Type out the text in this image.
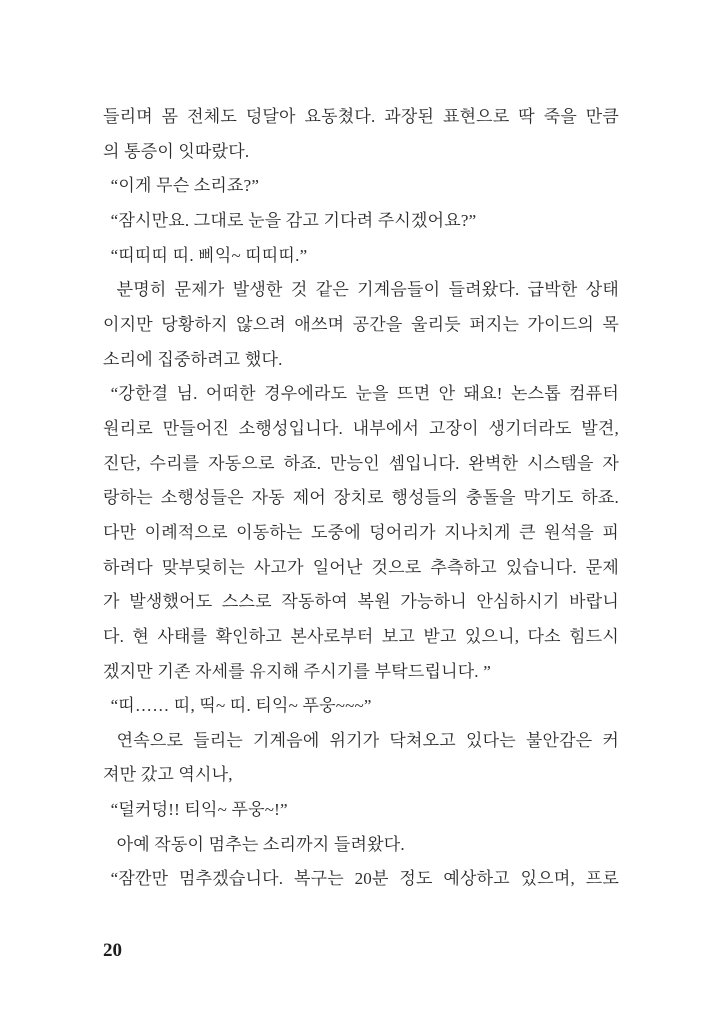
들리며 몸 전체도 덩달아 요동쳤다. 과장된 표현으로 딱 죽을 만큼
의 통증이 잇따랐다.
“이게 무슨 소리죠?”
“잠시만요. 그대로 눈을 감고 기다려 주시겠어요?”
“띠띠띠 띠. 삐익~ 띠띠띠.”
분명히 문제가 발생한 것 같은 기계음들이 들려왔다. 급박한 상태
이지만 당황하지 않으려 애쓰며 공간을 울리듯 퍼지는 가이드의 목
소리에 집중하려고 했다.
“강한결 님. 어떠한 경우에라도 눈을 뜨면 안 돼요! 논스톱 컴퓨터
원리로 만들어진 소행성입니다. 내부에서 고장이 생기더라도 발견,
진단, 수리를 자동으로 하죠. 만능인 셈입니다. 완벽한 시스템을 자
랑하는 소행성들은 자동 제어 장치로 행성들의 충돌을 막기도 하죠.
다만 이례적으로 이동하는 도중에 덩어리가 지나치게 큰 원석을 피
하려다 맞부딪히는 사고가 일어난 것으로 추측하고 있습니다. 문제
가 발생했어도 스스로 작동하여 복원 가능하니 안심하시기 바랍니
다. 현 사태를 확인하고 본사로부터 보고 받고 있으니, 다소 힘드시
겠지만 기존 자세를 유지해 주시기를 부탁드립니다. ”
“띠…… 띠, 띡~ 띠. 티익~ 푸웅~~~”
연속으로 들리는 기계음에 위기가 닥쳐오고 있다는 불안감은 커
져만 갔고 역시나,
“덜커덩!! 티익~ 푸웅~!”
아예 작동이 멈추는 소리까지 들려왔다.
“잠깐만 멈추겠습니다. 복구는 20분 정도 예상하고 있으며, 프로
20
